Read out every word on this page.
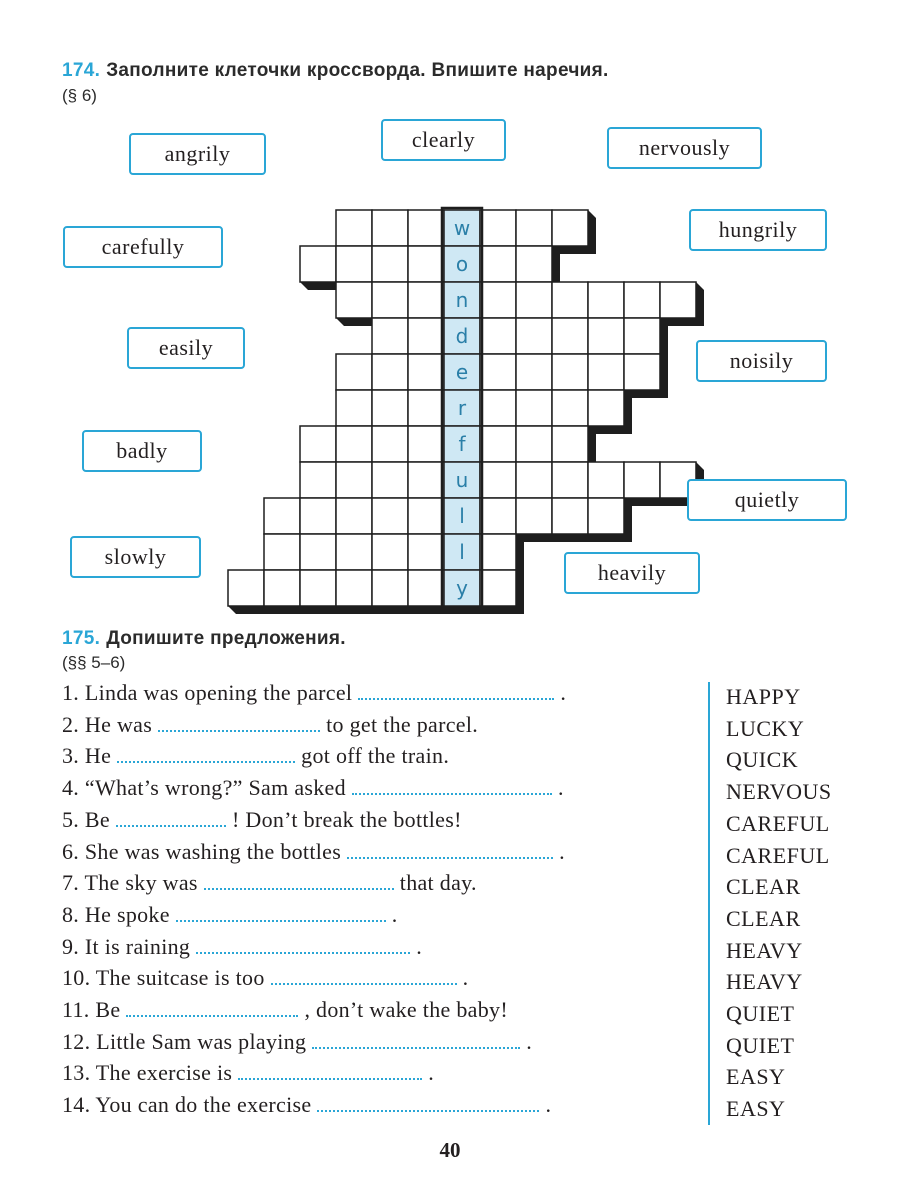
174. Заполните клеточки кроссворда. Впишите наречия.
(§ 6)
w
o
n
d
e
r
f
u
l
l
y
angrily
clearly	nervously
carefully
hungrily
easily
noisily
badly
quietly
slowly
heavily
175. Допишите предложения.
(§§ 5–6)
1. Linda was opening the parcel	.
2. He was	to get the parcel.
3. He	got off the train.
4. “What’s wrong?” Sam asked	.
5. Be	! Don’t break the bottles!
6. She was washing the bottles	.
7. The sky was	that day.
8. He spoke	.
9. It is raining	.
10. The suitcase is too	.
11. Be	, don’t wake the baby!
12. Little Sam was playing	.
13. The exercise is	.
14. You can do the exercise	.
HAPPY
LUCKY
QUICK
NERVOUS
CAREFUL
CAREFUL
CLEAR
CLEAR
HEAVY
HEAVY
QUIET
QUIET
EASY
EASY
40
